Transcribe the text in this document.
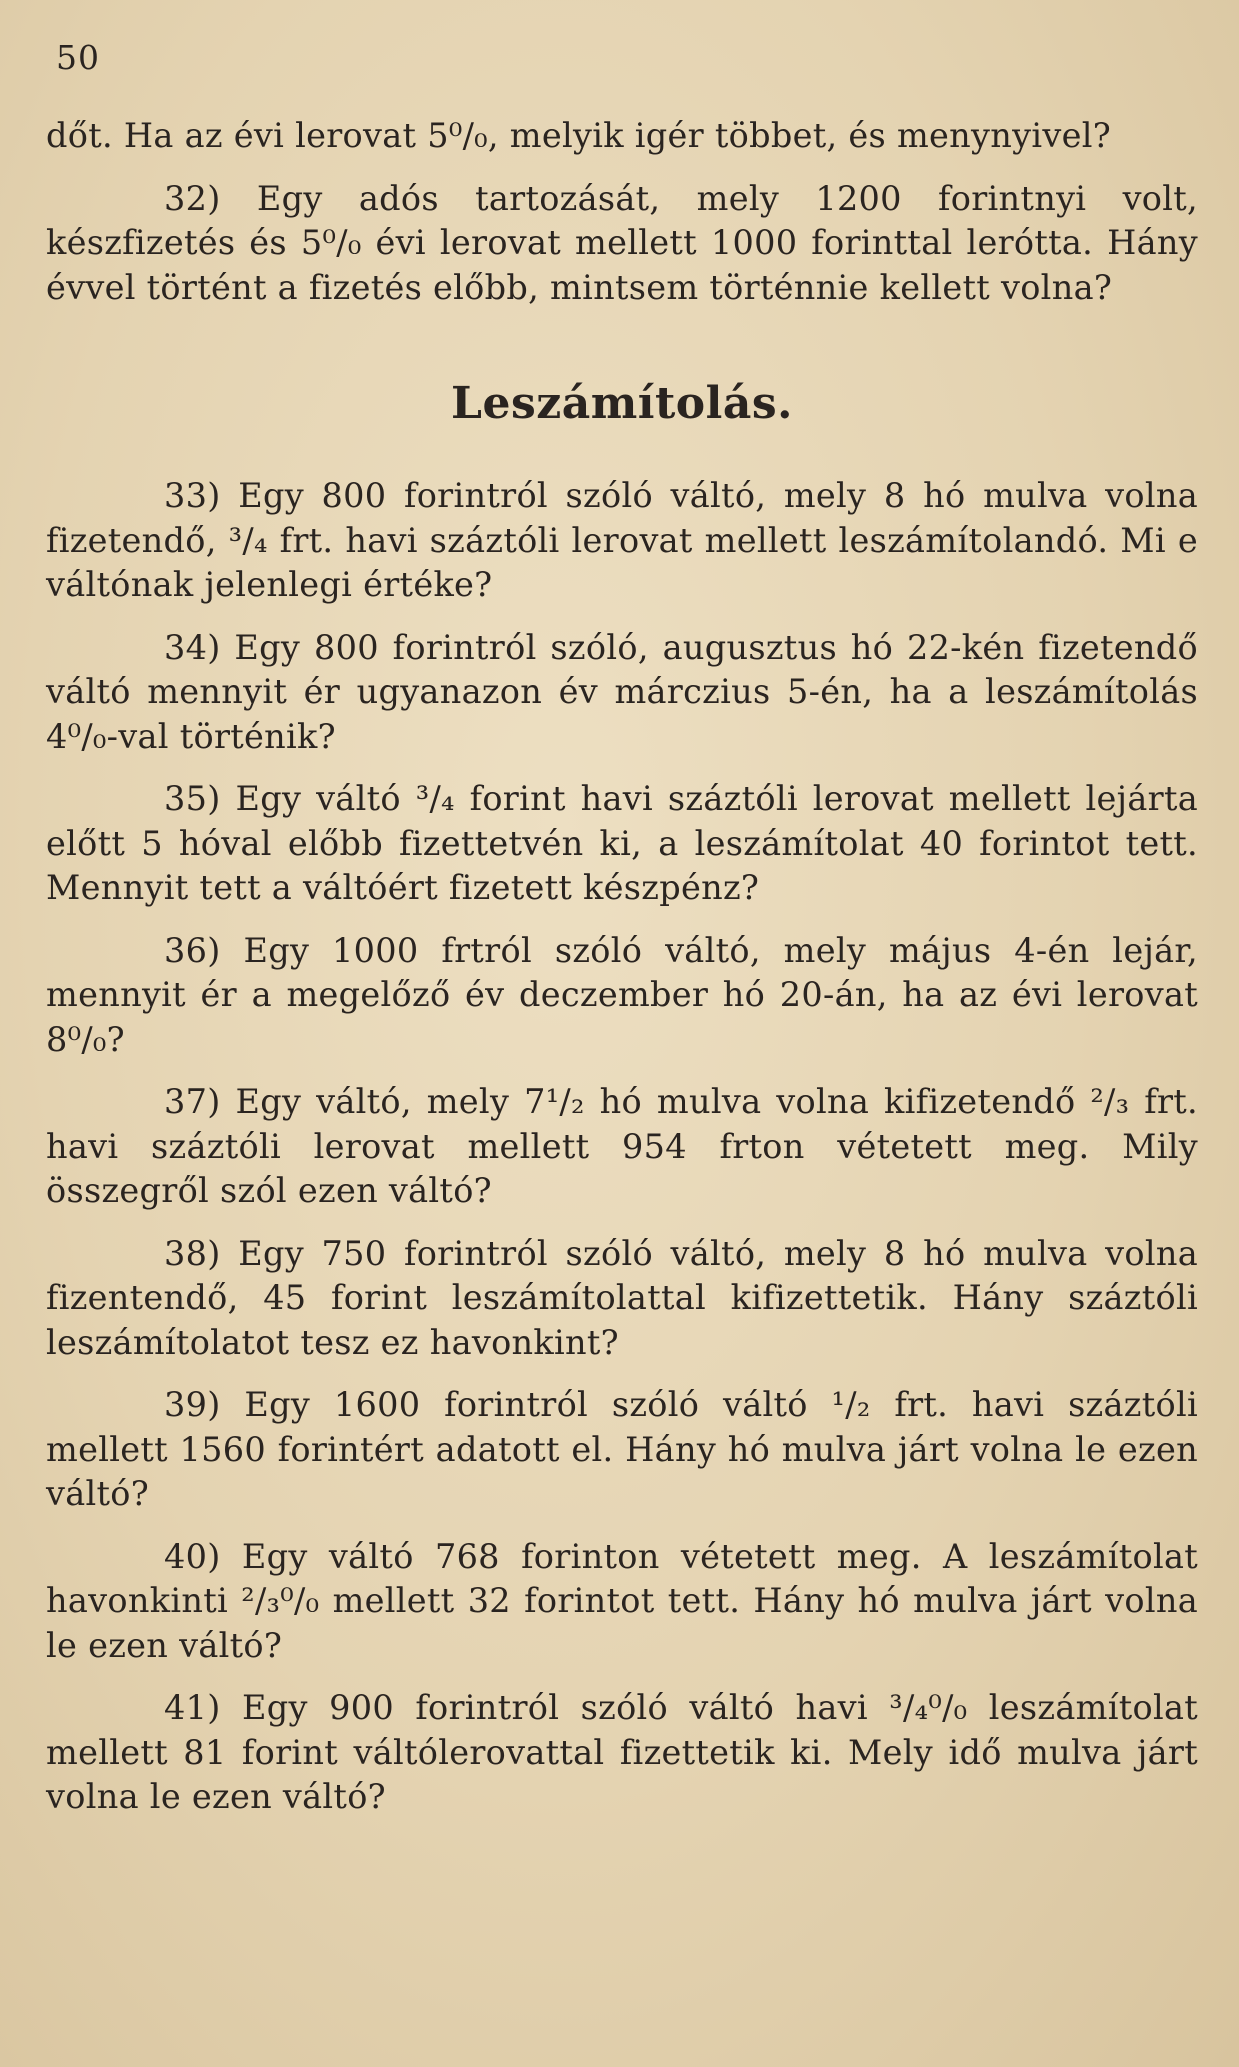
50

dőt. Ha az évi lerovat 5⁰/₀, melyik igér többet, és menynyivel?

32) Egy adós tartozását, mely 1200 forintnyi volt, készfizetés és 5⁰/₀ évi lerovat mellett 1000 forinttal lerótta. Hány évvel történt a fizetés előbb, mintsem történnie kellett volna?

Leszámítolás.

33) Egy 800 forintról szóló váltó, mely 8 hó mulva volna fizetendő, ³/₄ frt. havi száztóli lerovat mellett leszámítolandó. Mi e váltónak jelenlegi értéke?

34) Egy 800 forintról szóló, augusztus hó 22-kén fizetendő váltó mennyit ér ugyanazon év márczius 5-én, ha a leszámítolás 4⁰/₀-val történik?

35) Egy váltó ³/₄ forint havi száztóli lerovat mellett lejárta előtt 5 hóval előbb fizettetvén ki, a leszámítolat 40 forintot tett. Mennyit tett a váltóért fizetett készpénz?

36) Egy 1000 frtról szóló váltó, mely május 4-én lejár, mennyit ér a megelőző év deczember hó 20-án, ha az évi lerovat 8⁰/₀?

37) Egy váltó, mely 7¹/₂ hó mulva volna kifizetendő ²/₃ frt. havi száztóli lerovat mellett 954 frton vétetett meg. Mily összegről szól ezen váltó?

38) Egy 750 forintról szóló váltó, mely 8 hó mulva volna fizentendő, 45 forint leszámítolattal kifizettetik. Hány száztóli leszámítolatot tesz ez havonkint?

39) Egy 1600 forintról szóló váltó ¹/₂ frt. havi száztóli mellett 1560 forintért adatott el. Hány hó mulva járt volna le ezen váltó?

40) Egy váltó 768 forinton vétetett meg. A leszámítolat havonkinti ²/₃⁰/₀ mellett 32 forintot tett. Hány hó mulva járt volna le ezen váltó?

41) Egy 900 forintról szóló váltó havi ³/₄⁰/₀ leszámítolat mellett 81 forint váltólerovattal fizettetik ki. Mely idő mulva járt volna le ezen váltó?
